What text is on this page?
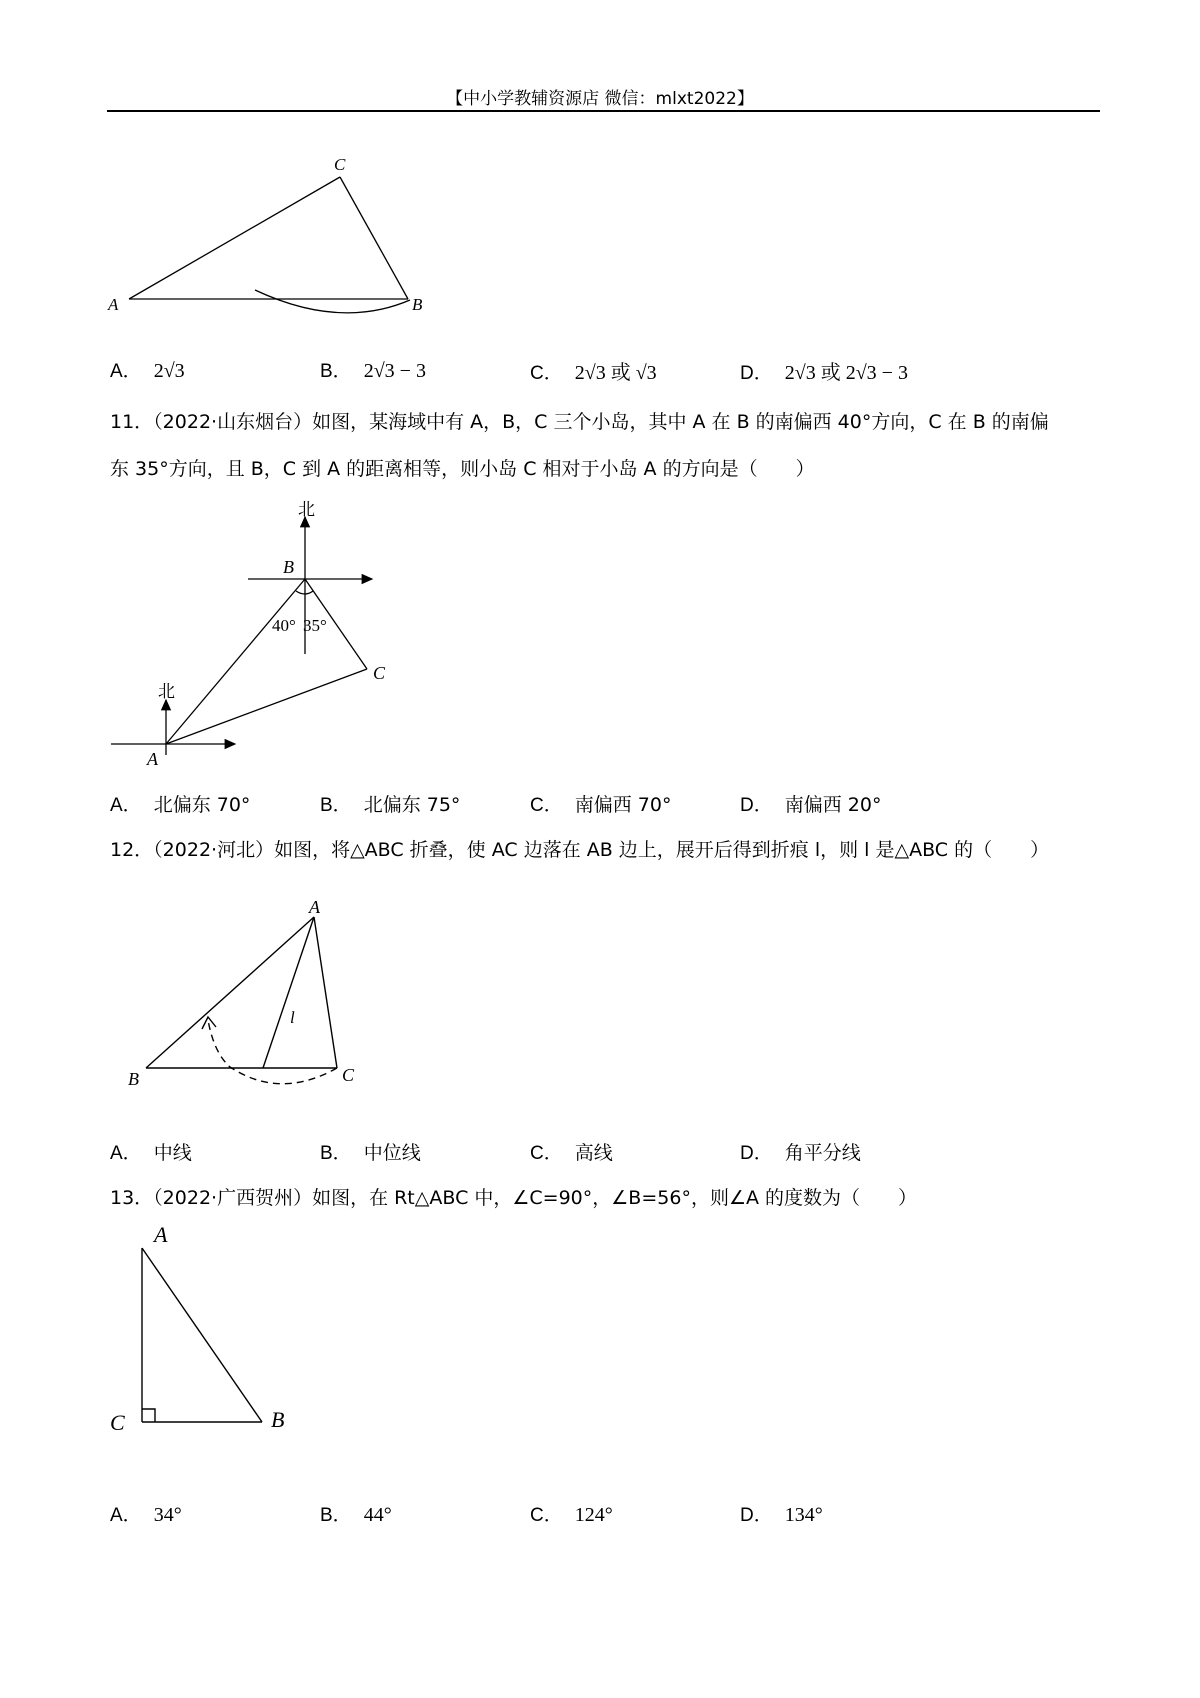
【中小学教辅资源店 微信：mlxt2022】
A	B
C
A． 2√3	B． 2√3 − 3	C． 2√3 或 √3	D． 2√3 或 2√3 − 3
11．（2022·山东烟台）如图，某海域中有 A，B，C 三个小岛，其中 A 在 B 的南偏西 40°方向，C 在 B 的南偏
东 35°方向，且 B，C 到 A 的距离相等，则小岛 C 相对于小岛 A 的方向是（　　）
北
北
B
A
C
40° 35°
A． 北偏东 70°	B． 北偏东 75°	C． 南偏西 70°	D． 南偏西 20°
12．（2022·河北）如图，将△ABC 折叠，使 AC 边落在 AB 边上，展开后得到折痕 l，则 l 是△ABC 的（　　）
A
B	C
l
A． 中线	B． 中位线	C． 高线	D． 角平分线
13．（2022·广西贺州）如图，在 Rt△ABC 中，∠C=90°，∠B=56°，则∠A 的度数为（　　）
A
C	B
A． 34°	B． 44°	C． 124°	D． 134°
